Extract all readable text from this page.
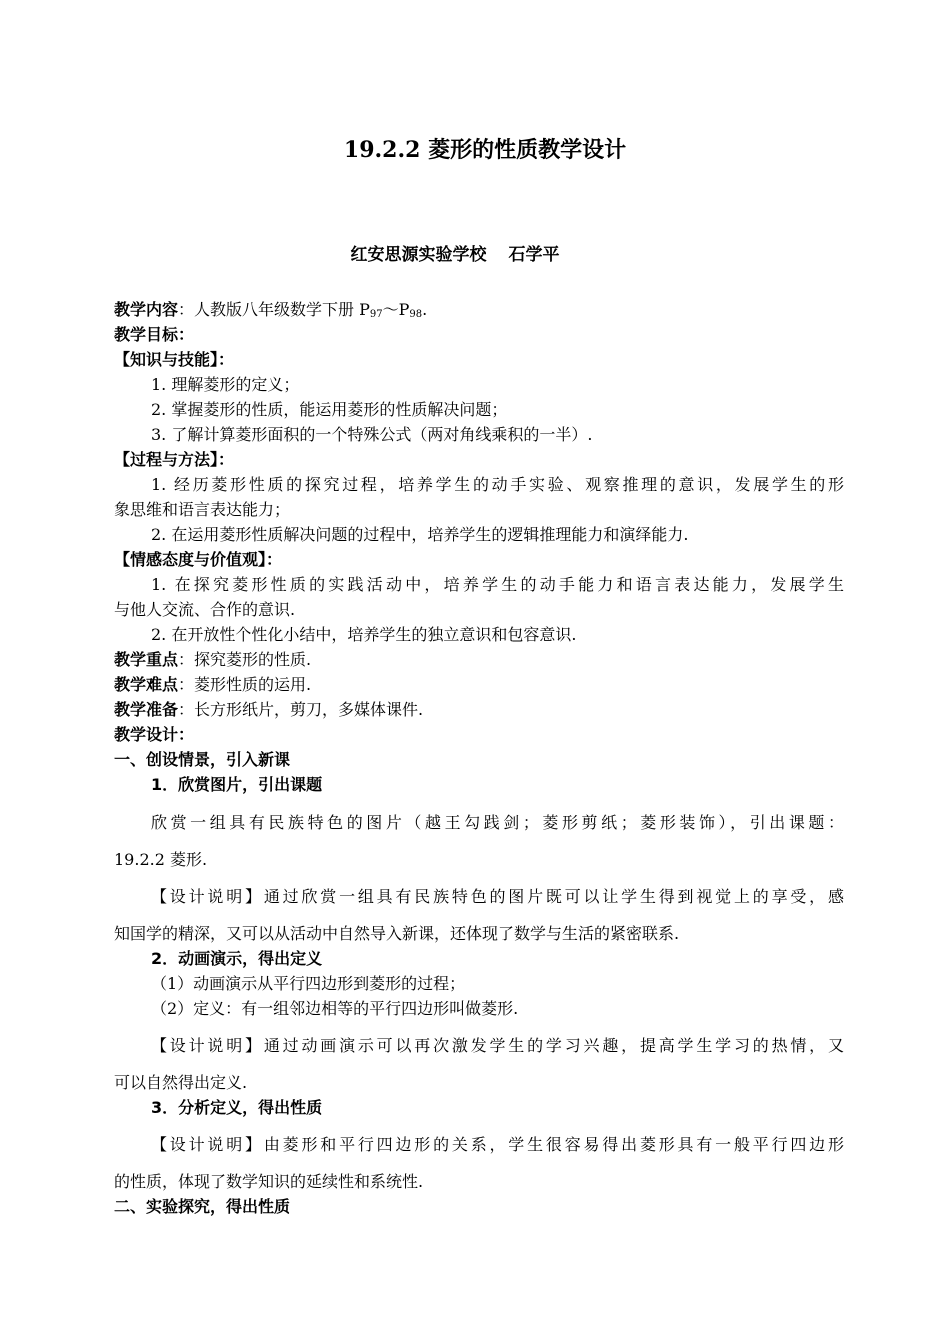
19.2.2 菱形的性质教学设计
红安思源实验学校 石学平
教学内容：人教版八年级数学下册 $P_{97}\sim P_{98}$.
教学目标：
【知识与技能】：
1. 理解菱形的定义；
2. 掌握菱形的性质，能运用菱形的性质解决问题；
3. 了解计算菱形面积的一个特殊公式（两对角线乘积的一半）.
【过程与方法】：
1. 经历菱形性质的探究过程，培养学生的动手实验、观察推理的意识，发展学生的形
象思维和语言表达能力；
2. 在运用菱形性质解决问题的过程中，培养学生的逻辑推理能力和演绎能力.
【情感态度与价值观】：
1. 在探究菱形性质的实践活动中，培养学生的动手能力和语言表达能力，发展学生
与他人交流、合作的意识.
2. 在开放性个性化小结中，培养学生的独立意识和包容意识.
教学重点：探究菱形的性质.
教学难点：菱形性质的运用.
教学准备：长方形纸片，剪刀，多媒体课件.
教学设计：
一、创设情景，引入新课
1．欣赏图片，引出课题
欣赏一组具有民族特色的图片（越王勾践剑；菱形剪纸；菱形装饰），引出课题：
19.2.2 菱形.
【设计说明】通过欣赏一组具有民族特色的图片既可以让学生得到视觉上的享受，感
知国学的精深，又可以从活动中自然导入新课，还体现了数学与生活的紧密联系.
2．动画演示，得出定义
（1）动画演示从平行四边形到菱形的过程；
（2）定义：有一组邻边相等的平行四边形叫做菱形.
【设计说明】通过动画演示可以再次激发学生的学习兴趣，提高学生学习的热情，又
可以自然得出定义.
3．分析定义，得出性质
【设计说明】由菱形和平行四边形的关系，学生很容易得出菱形具有一般平行四边形
的性质，体现了数学知识的延续性和系统性.
二、实验探究，得出性质
